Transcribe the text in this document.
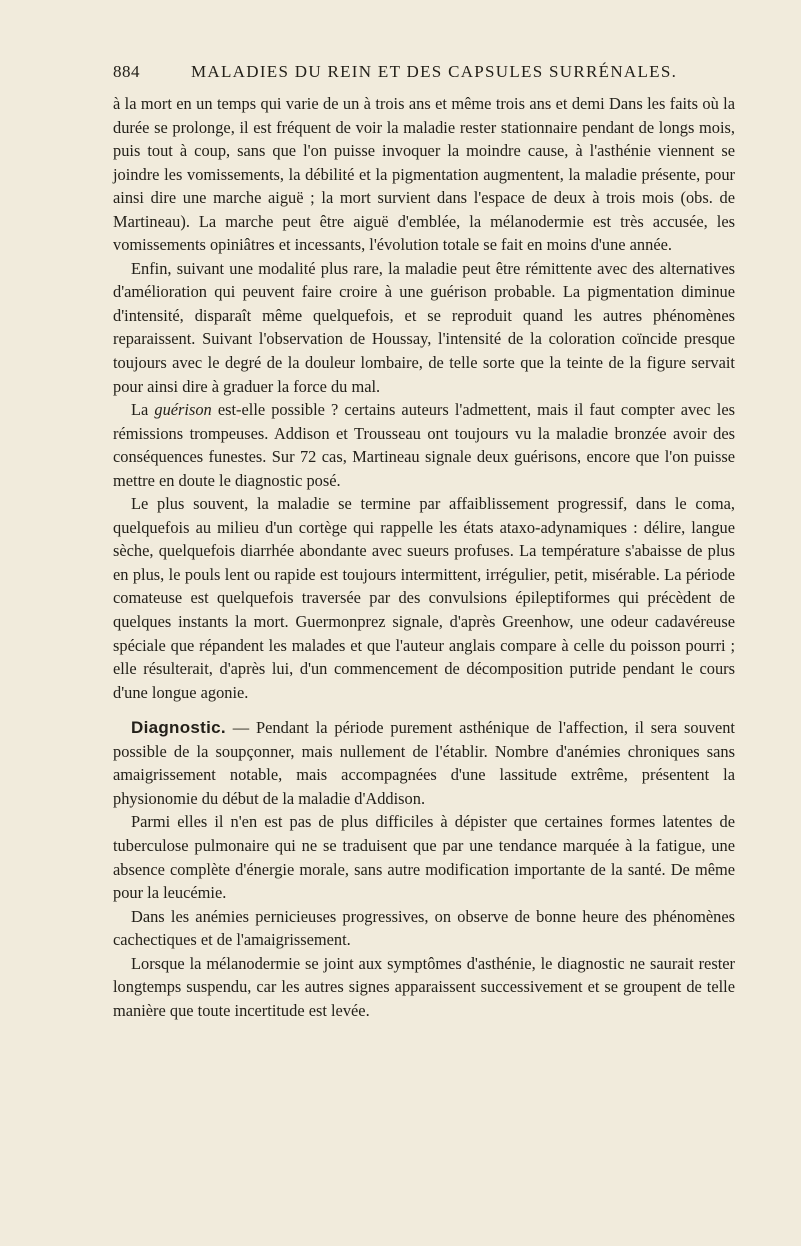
884	MALADIES DU REIN ET DES CAPSULES SURRÉNALES.

à la mort en un temps qui varie de un à trois ans et même trois ans et demi Dans les faits où la durée se prolonge, il est fréquent de voir la maladie rester stationnaire pendant de longs mois, puis tout à coup, sans que l'on puisse invoquer la moindre cause, à l'asthénie viennent se joindre les vomissements, la débilité et la pigmentation augmentent, la maladie présente, pour ainsi dire une marche aiguë ; la mort survient dans l'espace de deux à trois mois (obs. de Martineau). La marche peut être aiguë d'emblée, la mélanodermie est très accusée, les vomissements opiniâtres et incessants, l'évolution totale se fait en moins d'une année.

Enfin, suivant une modalité plus rare, la maladie peut être rémittente avec des alternatives d'amélioration qui peuvent faire croire à une guérison probable. La pigmentation diminue d'intensité, disparaît même quelquefois, et se reproduit quand les autres phénomènes reparaissent. Suivant l'observation de Houssay, l'intensité de la coloration coïncide presque toujours avec le degré de la douleur lombaire, de telle sorte que la teinte de la figure servait pour ainsi dire à graduer la force du mal.

La guérison est-elle possible ? certains auteurs l'admettent, mais il faut compter avec les rémissions trompeuses. Addison et Trousseau ont toujours vu la maladie bronzée avoir des conséquences funestes. Sur 72 cas, Martineau signale deux guérisons, encore que l'on puisse mettre en doute le diagnostic posé.

Le plus souvent, la maladie se termine par affaiblissement progressif, dans le coma, quelquefois au milieu d'un cortège qui rappelle les états ataxo-adynamiques : délire, langue sèche, quelquefois diarrhée abondante avec sueurs profuses. La température s'abaisse de plus en plus, le pouls lent ou rapide est toujours intermittent, irrégulier, petit, misérable. La période comateuse est quelquefois traversée par des convulsions épileptiformes qui précèdent de quelques instants la mort. Guermonprez signale, d'après Greenhow, une odeur cadavéreuse spéciale que répandent les malades et que l'auteur anglais compare à celle du poisson pourri ; elle résulterait, d'après lui, d'un commencement de décomposition putride pendant le cours d'une longue agonie.

Diagnostic. — Pendant la période purement asthénique de l'affection, il sera souvent possible de la soupçonner, mais nullement de l'établir. Nombre d'anémies chroniques sans amaigrissement notable, mais accompagnées d'une lassitude extrême, présentent la physionomie du début de la maladie d'Addison.

Parmi elles il n'en est pas de plus difficiles à dépister que certaines formes latentes de tuberculose pulmonaire qui ne se traduisent que par une tendance marquée à la fatigue, une absence complète d'énergie morale, sans autre modification importante de la santé. De même pour la leucémie.

Dans les anémies pernicieuses progressives, on observe de bonne heure des phénomènes cachectiques et de l'amaigrissement.

Lorsque la mélanodermie se joint aux symptômes d'asthénie, le diagnostic ne saurait rester longtemps suspendu, car les autres signes apparaissent successivement et se groupent de telle manière que toute incertitude est levée.
